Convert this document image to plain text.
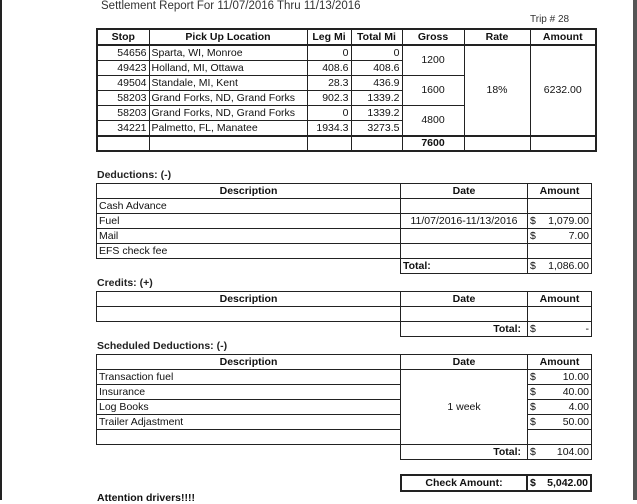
Settlement Report For 11/07/2016 Thru 11/13/2016
Trip # 28
Stop	Pick Up Location	Leg Mi	Total Mi	Gross	Rate	Amount
54656	Sparta, WI, Monroe	0	0	1200	18%	6232.00
49423	Holland, MI, Ottawa	408.6	408.6			
49504	Standale, MI, Kent	28.3	436.9	1600		
58203	Grand Forks, ND, Grand Forks	902.3	1339.2			
58203	Grand Forks, ND, Grand Forks	0	1339.2	4800		
34221	Palmetto, FL, Manatee	1934.3	3273.5			
				7600		
Deductions: (-)
Description	Date	Amount
Cash Advance		

Fuel	11/07/2016-11/13/2016	$ 1,079.00

Mail		$ 7.00

EFS check fee		

	Total:	$ 1,086.00
Credits: (+)
Description	Date	Amount

	Total:	$ -
Scheduled Deductions: (-)
Description	Date	Amount
Transaction fuel	1 week	$ 10.00

Insurance		$ 40.00

Log Books		$ 4.00

Trailer Adjastment		$ 50.00

	Total:	$ 104.00
Check Amount:	$ 5,042.00
Attention drivers!!!!
